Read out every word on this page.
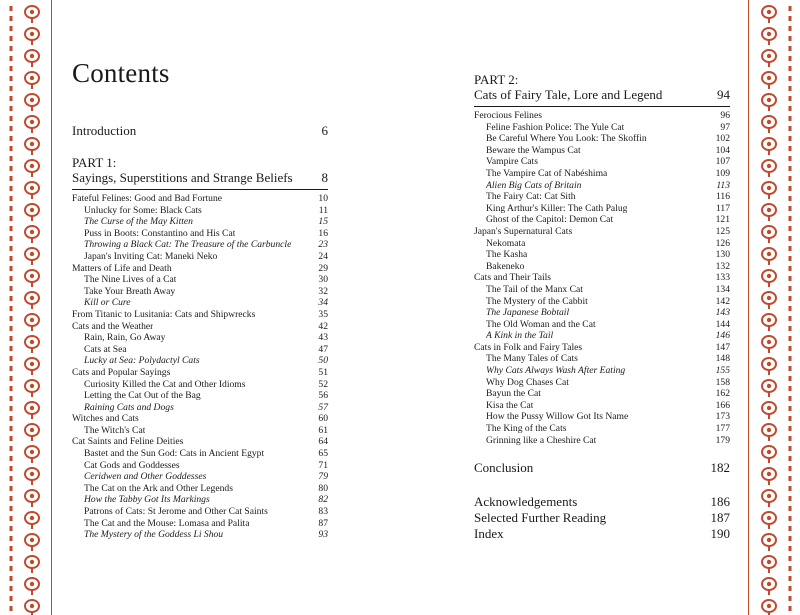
Contents
Introduction	6
PART 1:
Sayings, Superstitions and Strange Beliefs	8
Fateful Felines: Good and Bad Fortune	10
Unlucky for Some: Black Cats	11
The Curse of the May Kitten	15
Puss in Boots: Constantino and His Cat	16
Throwing a Black Cat: The Treasure of the Carbuncle	23
Japan's Inviting Cat: Maneki Neko	24
Matters of Life and Death	29
The Nine Lives of a Cat	30
Take Your Breath Away	32
Kill or Cure	34
From Titanic to Lusitania: Cats and Shipwrecks	35
Cats and the Weather	42
Rain, Rain, Go Away	43
Cats at Sea	47
Lucky at Sea: Polydactyl Cats	50
Cats and Popular Sayings	51
Curiosity Killed the Cat and Other Idioms	52
Letting the Cat Out of the Bag	56
Raining Cats and Dogs	57
Witches and Cats	60
The Witch's Cat	61
Cat Saints and Feline Deities	64
Bastet and the Sun God: Cats in Ancient Egypt	65
Cat Gods and Goddesses	71
Ceridwen and Other Goddesses	79
The Cat on the Ark and Other Legends	80
How the Tabby Got Its Markings	82
Patrons of Cats: St Jerome and Other Cat Saints	83
The Cat and the Mouse: Lomasa and Palita	87
The Mystery of the Goddess Li Shou	93
PART 2:
Cats of Fairy Tale, Lore and Legend	94
Ferocious Felines	96
Feline Fashion Police: The Yule Cat	97
Be Careful Where You Look: The Skoffin	102
Beware the Wampus Cat	104
Vampire Cats	107
The Vampire Cat of Nabéshima	109
Alien Big Cats of Britain	113
The Fairy Cat: Cat Sith	116
King Arthur's Killer: The Cath Palug	117
Ghost of the Capitol: Demon Cat	121
Japan's Supernatural Cats	125
Nekomata	126
The Kasha	130
Bakeneko	132
Cats and Their Tails	133
The Tail of the Manx Cat	134
The Mystery of the Cabbit	142
The Japanese Bobtail	143
The Old Woman and the Cat	144
A Kink in the Tail	146
Cats in Folk and Fairy Tales	147
The Many Tales of Cats	148
Why Cats Always Wash After Eating	155
Why Dog Chases Cat	158
Bayun the Cat	162
Kisa the Cat	166
How the Pussy Willow Got Its Name	173
The King of the Cats	177
Grinning like a Cheshire Cat	179
Conclusion	182
Acknowledgements	186
Selected Further Reading	187
Index	190
